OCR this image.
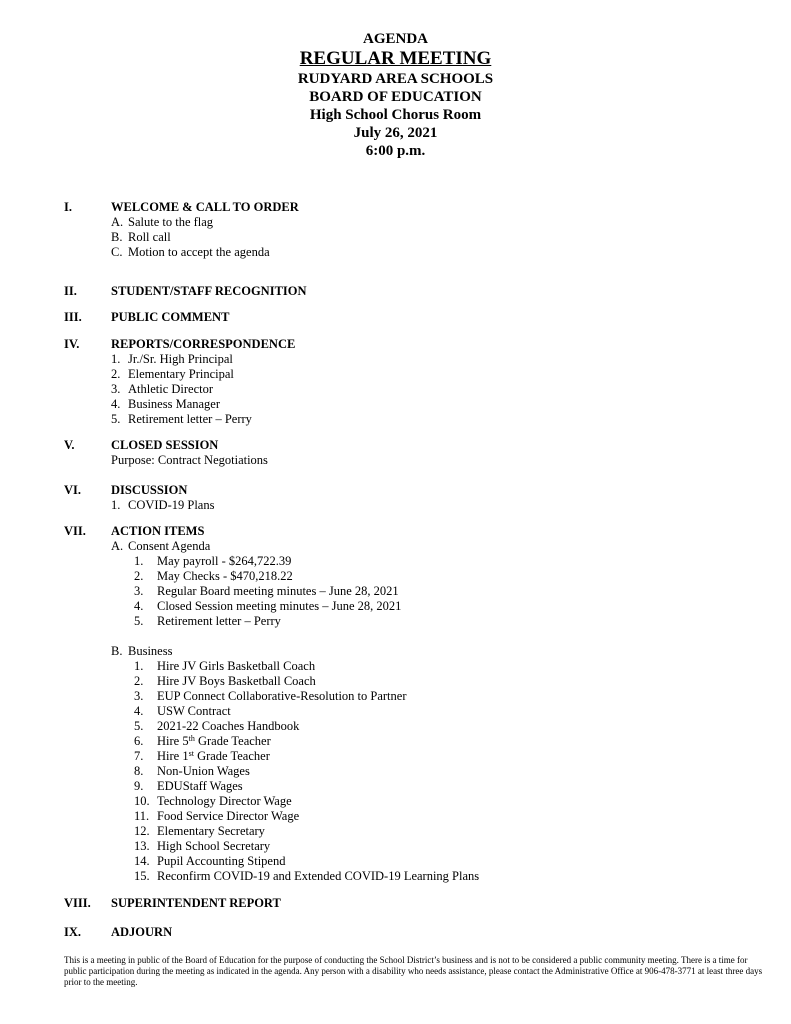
AGENDA
REGULAR MEETING
RUDYARD AREA SCHOOLS
BOARD OF EDUCATION
High School Chorus Room
July 26, 2021
6:00 p.m.
I.	WELCOME & CALL TO ORDER
A. Salute to the flag
B. Roll call
C. Motion to accept the agenda
II.	STUDENT/STAFF RECOGNITION
III. PUBLIC COMMENT
IV.	REPORTS/CORRESPONDENCE
1. Jr./Sr. High Principal
2. Elementary Principal
3. Athletic Director
4. Business Manager
5. Retirement letter – Perry
V.	CLOSED SESSION
Purpose: Contract Negotiations
VI. DISCUSSION
1. COVID-19 Plans
VII. ACTION ITEMS
A. Consent Agenda
1. May payroll - $264,722.39
2. May Checks - $470,218.22
3. Regular Board meeting minutes – June 28, 2021
4. Closed Session meeting minutes – June 28, 2021
5. Retirement letter – Perry
B. Business
1. Hire JV Girls Basketball Coach
2. Hire JV Boys Basketball Coach
3. EUP Connect Collaborative-Resolution to Partner
4. USW Contract
5. 2021-22 Coaches Handbook
6. Hire 5th Grade Teacher
7. Hire 1st Grade Teacher
8. Non-Union Wages
9. EDUStaff Wages
10. Technology Director Wage
11. Food Service Director Wage
12. Elementary Secretary
13. High School Secretary
14. Pupil Accounting Stipend
15. Reconfirm COVID-19 and Extended COVID-19 Learning Plans
VIII. SUPERINTENDENT REPORT
IX. ADJOURN
This is a meeting in public of the Board of Education for the purpose of conducting the School District’s business and is not to be considered a public community meeting. There is a time for public participation during the meeting as indicated in the agenda. Any person with a disability who needs assistance, please contact the Administrative Office at 906-478-3771 at least three days prior to the meeting.
